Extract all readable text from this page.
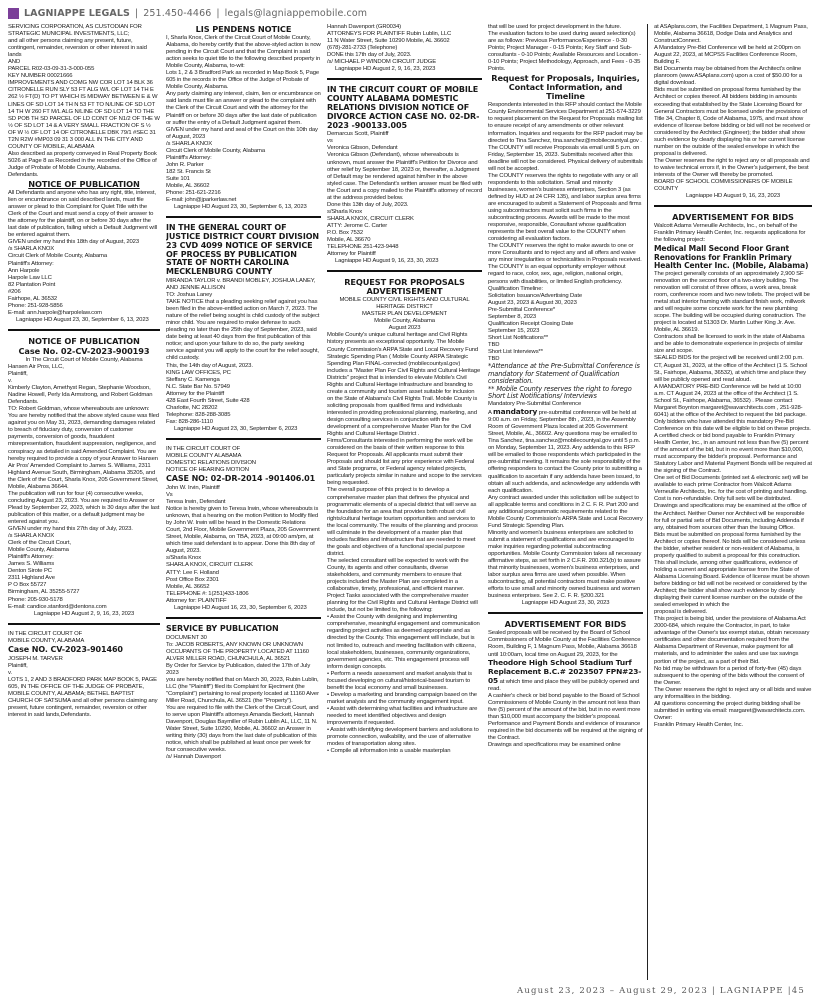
LAGNIAPPE LEGALS | 251.450-4466 | legals@lagniappemobile.com

SERVICING CORPORATION, AS CUSTODIAN FOR STRATEGIC MUNICIPAL INVESTMENTS, LLC;

and all other persons claiming any present, future, contingent, remainder, reversion or other interest in said lands

AND

PARCEL R02-03-09-31-3-000-055

KEY NUMBER 00021666

IMPROVEMENTS AND COMG NW COR LOT 14 BLK 36 CITRONELLE RUN SLY 53 FT ALG W/L OF LOT 14 TH E 262 ½ FT(D) TO PT WHICH IS MIDWAY BETWEEN E & W LINES OF SD LOT 14 TH N 53 FT TO N/LINE OF SD LOT 14 TH W 260 FT M/L ALG N/LINE OF SD LOT 14 TO THE SD POB TH SD PARCEL OF LD CONT OF N1/2 OF THE W ½ OF SD LOT 14 & A VERY SMALL FRACTION OF S ½ OF W ½ OF LOT 14 OF CITRONELLE DBK 79/1 #SEC 31 T2N R2W #MP03 09 31 3 000 ALL IN THE CITY AND COUNTY OF MOBILE, ALABAMA

Also described as property conveyed in Real Property Book 5026 at Page 8 as Recorded in the recorded of the Office of Judge of Probate of Mobile County, Alabama.

Defendants.

NOTICE OF PUBLICATION

All Defendants and anyone who has any right, title, interest, lien or encumbrance on said described lands, must file answer or plead to this Complaint for Quiet Title with the Clerk of the Court and must send a copy of their answer to the attorney for the plaintiff, on or before 30 days after the last date of publication, failing which a Default Judgment will be entered against them.

GIVEN under my hand this 18th day of August, 2023

/s SHARLA KNOX

Circuit Clerk of Mobile County, Alabama

Plaintiff's Attorney:

Ann Harpole

Harpole Law LLC

82 Plantation Point

#206

Fairhope, AL 36532

Phone: 251-928-5856

E-mail: ann.harpole@harpolelaw.com

Lagniappe HD August 23, 30, September 6, 13, 2023

NOTICE OF PUBLICATION

Case No. 02-CV-2023-900193

In The Circuit Court of Mobile County, Alabama

Hansen Air Pros, LLC,

Plaintiff,

v.

Kimberly Clayton, Amethyst Regan, Stephanie Woodson, Nadine Howell, Perly Ida Armstrong, and Robert Goldman

Defendants.

TO: Robert Goldman, whose whereabouts are unknown:

You are hereby notified that the above styled cause was filed against you on May 31, 2023, demanding damages related to breach of fiduciary duty, conversion of customer payments, conversion of goods, fraudulent misrepresentation, fraudulent suppression, negligence, and conspiracy as detailed in said Amended Complaint. You are hereby required to provide a copy of your Answer to Hansen Air Pros' Amended Complaint to James S. Williams, 2311 Highland Avenue South, Birmingham, Alabama 35205, and the Clerk of the Court, Sharla Knox, 205 Government Street, Mobile, Alabama 36644.

The publication will run for four (4) consecutive weeks, concluding August 23, 2023. You are required to Answer or Plead by September 22, 2023, which is 30 days after the last publication of this matter, or a default judgment may be entered against you.

GIVEN under my hand this 27th day of July, 2023.

/s SHARLA KNOX

Clerk of the Circuit Court,

Mobile County, Alabama

Plaintiff's Attorney:

James S. Williams

Denton Sirote PC

2311 Highland Ave

P O Box 55727

Birmingham, AL 35255-5727

Phone: 205-930-5178

E-mail: candice.stanford@dentons.com

Lagniappe HD August 2, 9, 16, 23, 2023

IN THE CIRCUIT COURT OF

MOBILE COUNTY, ALABAMA

Case NO. CV-2023-901460

JOSEPH M. TARVER

Plaintiff,

v.

LOTS 1, 2 AND 3 BRADFORD PARK MAP BOOK 5, PAGE 605, IN THE OFFICE OF THE JUDGE OF PROBATE, MOBILE COUNTY, ALABAMA; BETHEL BAPTIST CHURCH OF SATSUMA and all other persons claiming any present, future contingent, remainder, reversion or other interest in said lands,Defendants.

LIS PENDENS NOTICE

I, Sharla Knox, Clerk of the Circuit Court of Mobile County, Alabama, do hereby certify that the above-styled action is now pending in the Circuit Court and that the Complaint in said action seeks to quiet title to the following described property in Mobile County, Alabama, to-wit:

Lots 1, 2 & 3 Bradford Park as recorded in Map Book 5, Page 605 in the records in the Office of the Judge of Probate of Mobile County, Alabama.

Any party claiming any interest, claim, lien or encumbrance on said lands must file an answer or plead to the complaint with the Clerk of the Circuit Court and with the attorney for the Plaintiff on or before 30 days after the last date of publication or suffer the entry of a Default Judgment against them.

GIVEN under my hand and seal of the Court on this 10th day of August, 2023

/s SHARLA KNOX

Circuit Clerk of Mobile County, Alabama

Plaintiff's Attorney:

John R. Parker

182 St. Francis St

Suite 101

Mobile, AL 36602

Phone: 251-621-2216

E-mail: john@jparkerlaw.net

Lagniappe HD August 23, 30, September 6, 13, 2023

IN THE GENERAL COURT OF JUSTICE DISTRICT COURT DIVISION 23 CVD 4099 NOTICE OF SERVICE OF PROCESS BY PUBLICATION STATE OF NORTH CAROLINA MECKLENBURG COUNTY

MIRANDA TAYLOR v. BRANDI MOBLEY, JOSHUA LANEY, AND JENNIE ALLISON

TO: Joshua Laney

TAKE NOTICE that a pleading seeking relief against you has been filed in the above-entitled action on March 7, 2023. The nature of the relief being sought is child custody of the subject minor child. You are required to make defense to such pleading no later than the 25th day of September, 2023, said date being at least 40 days from the first publication of this notice; and upon your failure to do so, the party seeking service against you will apply to the court for the relief sought, child custody.

This, the 14th day of August, 2023.

KING LAW OFFICES, PC

Steffany C. Kamenga

N.C. State Bar No. 57949

Attorney for the Plaintiff

428 East Fourth Street, Suite 428

Charlotte, NC 28202

Telephone: 828-288-3085

Fax: 828-286-1110

Lagniappe HD August 23, 30, September 6, 2023

IN THE CIRCUIT COURT OF

MOBILE COUNTY ALABAMA

DOMESTIC RELATIONS DIVISION

NOTICE OF HEARING MOTION

CASE NO: 02-DR-2014 -901406.01

John W. Irvin, Plaintiff

Vs

Teresa Irwin, Defendant

Notice is hereby given to Teresa Irwin, whose whereabouts is unknown, that a hearing on the motion Petition to Modify filed by John W. Irwin will be heard in the Domestic Relations Court, 2nd Floor, Mobile Government Plaza, 205 Government Street, Mobile, Alabama, on TBA, 2023, at 09:00 am/pm, at which time said defendant is to appear. Done this 8th day of August, 2023.

s/Sharla Knox

SHARLA KNOX, CIRCUIT CLERK

ATTY: Lee F. Holland

Post Office Box 2301

Mobile, AL 36652

TELEPHONE #: 1(251)433-1806

Attorney for: PLAINTIFF

Lagniappe HD August 16, 23, 30, September 6, 2023

SERVICE BY PUBLICATION

DOCUMENT 30

To: JACOB ROBERTS, ANY KNOWN OR UNKNOWN OCCUPANTS OF THE PROPERTY LOCATED AT 11160 ALVER MILLER ROAD, CHUNCHULA, AL 36521

By Order for Service by Publication, dated the 17th of July 2023

you are hereby notified that on March 30, 2023, Rubin Lublin, LLC (the "Plaintiff") filed its Complaint for Ejectment (the "Complaint") pertaining to real property located at 11160 Alver Miller Road, Chunchula, AL 36521 (the "Property").

You are required to file with the Clerk of the Circuit Court, and to serve upon Plaintiff's attorneys Amanda Beckett, Hannah Davenport, Douglas Baymiller of Rubin Lublin AL, LLC, 11 N. Water Street, Suite 10290, Mobile, AL 36602 an Answer in writing thirty (30) days from the last date of publication of this notice, which shall be published at least once per week for four consecutive weeks.

/s/ Hannah Davenport

Hannah Davenport (GR0034)

ATTORNEYS FOR PLAINTIFF Rubin Lublin, LLC

11 N Water Street, Suite 10290 Mobile, AL 36602

(678)-281-2733 (Telephone)

DONE this 17th day of July, 2023.

/s/ MICHAEL P WINDOM CIRCUIT JUDGE

Lagniappe HD August 2, 9, 16, 23, 2023

IN THE CIRCUIT COURT OF MOBILE COUNTY ALABAMA DOMESTIC RELATIONS DIVISION NOTICE OF DIVORCE ACTION CASE NO. 02-DR-2023 -900133.005

Demarcus Scott, Plaintiff

vs

Veronica Gibson, Defendant

Veronica Gibson (Defendant), whose whereabouts is unknown, must answer the Plaintiff's Petition for Divorce and other relief by September 18, 2023 or, thereafter, a Judgment of Default may be rendered against him/her in the above styled case. The Defendant's written answer must be filed with the Court and a copy mailed to the Plaintiff's attorney of record at the address provided below.

Done this 13th day of July, 2023.

s/Sharla Knox

SHARLA KNOX, CIRCUIT CLERK

ATTY: Jerome C. Carter

P.O. Box 7532

Mobile, AL 36670

TELEPHONE 251-423-9448

Attorney for Plaintiff

Lagniappe HD August 9, 16, 23, 30, 2023

REQUEST FOR PROPOSALS ADVERTISEMENT

MOBILE COUNTY CIVIL RIGHTS AND CULTURAL HERITAGE DISTRICT

MASTER PLAN DEVELOPMENT

Mobile County, Alabama

August 2023

Mobile County's unique cultural heritage and Civil Rights history presents an exceptional opportunity. The Mobile County Commission's ARPA State and Local Recovery Fund Strategic Spending Plan ( Mobile County ARPA Strategic Spending Plan FINAL-corrected (mobilecountyal.gov) includes a "Master Plan For Civil Rights and Cultural Heritage Districts" project that is intended to elevate Mobile's Civil Rights and Cultural Heritage infrastructure and branding to create a community and tourism asset suitable for inclusion on the State of Alabama's Civil Rights Trail. Mobile County is soliciting proposals from qualified firms and individuals interested in providing professional planning, marketing, and design consulting services in conjunction with the development of a comprehensive Master Plan for the Civil Rights and Cultural Heritage District .

Firms/Consultants interested in performing the work will be considered on the basis of their written response to this Request for Proposals. All applicants must submit their Proposals and should list any prior experience with Federal and State programs, or Federal agency related projects, particularly projects similar in nature and scope to the services being requested.

The overall purpose of this project is to develop a comprehensive master plan that defines the physical and programmatic elements of a special district that will serve as the foundation for an area that provides both robust civil rights/cultural heritage tourism opportunities and services to the local community. The results of the planning and process will culminate in the development of a master plan that includes facilities and infrastructure that are needed to meet the goals and objectives of a functional special purpose district.

The selected consultant will be expected to work with the County, its agents and other consultants, diverse stakeholders, and community members to ensure that projects included the Master Plan are completed in a collaborative, timely, professional, and efficient manner. Project Tasks associated with the comprehensive master planning for the Civil Rights and Cultural Heritage District will include, but not be limited to, the following:

• Assist the County with designing and implementing comprehensive, meaningful engagement and communication regarding project activities as deemed appropriate and as directed by the County. This engagement will include, but is not limited to, outreach and meeting facilitation with citizens, local stakeholders, businesses, community organizations, government agencies, etc. This engagement process will inform design concepts.

• Perform a needs assessment and market analysis that is focused developing on cultural/historical-based tourism to benefit the local economy and small businesses.

• Develop a marketing and branding campaign based on the market analysis and the community engagement input.

• Assist with determining what facilities and infrastructure are needed to meet identified objectives and design improvements if requested.

• Assist with identifying development barriers and solutions to promote connection, walkability, and the use of alternative modes of transportation along sites.

• Compile all information into a usable masterplan

that will be used for project development in the future.

The evaluation factors to be used during award selection(s) are as follows: Previous Performance/Experience - 0-30 Points; Project Manager - 0-15 Points; Key Staff and Sub-consultants - 0-10 Points; Available Resources and Location - 0-10 Points; Project Methodology, Approach, and Fees - 0-35 Points.

Request for Proposals, Inquiries, Contact Information, and Timeline

Respondents interested in this RFP should contact the Mobile County Environmental Services Department at 251-574-3229 to request placement on the Request for Proposals mailing list to ensure receipt of any amendments or other relevant information. Inquiries and requests for the RFP packet may be directed to Tina Sanchez, tina.sanchez@mobilecountyal.gov .

The COUNTY will receive Proposals via email until 5 p.m. on Friday, September 15, 2023. Submittals received after this deadline will not be considered. Physical delivery of submittals will not be accepted.

The COUNTY reserves the rights to negotiate with any or all respondents to this solicitation. Small and minority businesses, women's business enterprises, Section 3 (as defined by HUD at 24 CFR 135), and labor surplus area firms are encouraged to submit a Statement of Proposals and firms using subcontractors must solicit such firms in the subcontracting process. Awards will be made to the most responsive, responsible, Consultant whose qualification represents the best overall value to the COUNTY when considering all evaluation factors.

The COUNTY reserves the right to make awards to one or more Consultants and to reject any and all offers and waive any minor irregularities or technicalities in Proposals received.

The COUNTY is an equal opportunity employer without regard to race, color, sex, age, religion, national origin, persons with disabilities, or limited English proficiency.

Qualification Timeline:

Solicitation Issuance/Advertising Date

August 23, 2023 & August 30, 2023

Pre-Submittal Conference*

September 8, 2023

Qualification Receipt Closing Date

September 15, 2023

Short List Notifications**

TBD

Short List Interviews**

TBD

*Attendance at the Pre-Submittal Conference is mandatory for Statement of Qualification consideration.

** Mobile County reserves the right to forego Short List Notifications/ Interviews

Mandatory Pre-Submittal Conference

A mandatory pre-submittal conference will be held at 9:00 a.m. on Friday, September 8th , 2023, in the Assembly Room of Government Plaza located at 205 Government Street, Mobile, AL, 36602. Any questions may be emailed to Tina Sanchez, tina.sanchez@mobilecountyal.gov until 5 p.m. on Monday, September 11, 2023. Any addenda to this RFP will be emailed to those respondents which participated in the pre-submittal meeting. It remains the sole responsibility of the offering responders to contact the County prior to submitting a qualification to ascertain if any addenda have been issued, to obtain all such addenda, and acknowledge any addenda with each qualification.

Any contract awarded under this solicitation will be subject to all applicable terms and conditions in 2 C. F. R. Part 200 and any additional programmatic requirements related to the Mobile County Commission's ARPA State and Local Recovery Fund Strategic Spending Plan.

Minority and women's business enterprises are solicited to submit a statement of qualifications and are encouraged to make inquiries regarding potential subcontracting opportunities. Mobile County Commission takes all necessary affirmative steps, as set forth in 2 C.F.R. 200.321(b) to assure that minority businesses, women's business enterprises, and labor surplus area firms are used when possible. When subcontracting, all potential contractors must make positive efforts to use small and minority owned business and women business enterprises. See 2. C. F. R. §200.321

Lagniappe HD August 23, 30, 2023

ADVERTISEMENT FOR BIDS

Sealed proposals will be received by the Board of School Commissioners of Mobile County at the Facilities Conference Room, Building F, 1 Magnum Pass, Mobile, Alabama 36618 until 10:00am, local time on August 29, 2023, for the Theodore High School Stadium Turf Replacement B.C.# 2023507 FPN#23-05 at which time and place they will be publicly opened and read.

A cashier's check or bid bond payable to the Board of School Commissioners of Mobile County in the amount not less than five (5) percent of the amount of the bid, but in no event more than $10,000 must accompany the bidder's proposal. Performance and Payment Bonds and evidence of insurance required in the bid documents will be required at the signing of the Contract.

Drawings and specifications may be examined online

at ASAplans.com, the Facilities Department, 1 Magnum Pass, Mobile, Alabama 36618, Dodge Data and Analytics and ConstructConnect.

A Mandatory Pre-Bid Conference will be held at 2:00pm on August 22, 2023, at MCPSS Facilities Conference Room, Building F.

Bid Documents may be obtained from the Architect's online planroom (www.ASAplans.com) upon a cost of $50.00 for a digital download.

Bids must be submitted on proposal forms furnished by the Architect or copies thereof. All bidders bidding in amounts exceeding that established by the State Licensing Board for General Contractors must be licensed under the provisions of Title 34, Chapter 8, Code of Alabama, 1975, and must show evidence of license before bidding or bid will not be received or considered by the Architect (Engineer); the bidder shall show such evidence by clearly displaying his or her current license number on the outside of the sealed envelope in which the proposal is delivered.

The Owner reserves the right to reject any or all proposals and to waive technical errors if, in the Owner's judgement, the best interests of the Owner will thereby be promoted.

BOARD OF SCHOOL COMMISSIONERS OF MOBILE COUNTY

Lagniappe HD August 9, 16, 23, 2023

ADVERTISEMENT FOR BIDS

Walcott Adams Verneuille Architects, Inc., on behalf of the Franklin Primary Health Center, Inc. requests applications for the following project:

Medical Mall Second Floor Grant Renovations for Franklin Primary Health Center Inc. (Mobile, Alabama)

The project generally consists of an approximately 2,900 SF renovation on the second floor of a two-story building. The renovation will consist of three offices, a work area, break room, conference room and two new toilets. The project will be metal stud interior framing with standard finish work, millwork and will require some concrete work for the new plumbing scope. The building will be occupied during construction. The project is located at 51303 Dr. Martin Luther King Jr. Ave. Mobile, AL 36619.

Contractors shall be licensed to work in the state of Alabama and be able to demonstrate experience in projects of similar size and scope.

SEALED BIDS for the project will be received until 2:00 p.m. CT, August 31, 2023, at the office of the Architect (1 S. School St., Fairhope, Alabama, 36532), at which time and place they will be publicly opened and read aloud.

A MANDATORY PRE-BID Conference will be held at 10:00 a.m. CT August 24, 2023 at the office of the Architect (1 S. School St., Fairhope, Alabama, 36532) . Please contact Margaret Boynton margaret@wavarchitects.com , 251-928-6041) at the office of the Architect to request the bid package. Only bidders who have attended this mandatory Pre-Bid Conference on this date will be eligible to bid on these projects.

A certified check or bid bond payable to Franklin Primary Health Center, Inc., in an amount not less than five (5) percent of the amount of the bid, but in no event more than $10,000, must accompany the bidder's proposal. Performance and Statutory Labor and Material Payment Bonds will be required at the signing of the Contract.

One set of Bid Documents (printed set & electronic set) will be available to each prime Contractor from Walcott Adams Verneuille Architects, Inc. for the cost of printing and handling. Cost is non-refundable. Only full sets will be distributed. Drawings and specifications may be examined at the office of the Architect. Neither Owner nor Architect will be responsible for full or partial sets of Bid Documents, including Addenda if any, obtained from sources other than the Issuing Office.

Bids must be submitted on proposal forms furnished by the Architect or copies thereof. No bids will be considered unless the bidder, whether resident or non-resident of Alabama, is properly qualified to submit a proposal for this construction. This shall include, among other qualifications, evidence of holding a current and appropriate license from the State of Alabama Licensing Board. Evidence of license must be shown before bidding or bid will not be received or considered by the Architect; the bidder shall show such evidence by clearly displaying their current license number on the outside of the sealed enveloped in which the

proposal is delivered.

This project is being bid, under the provisions of Alabama Act 2000-684, which require the Contractor, in part, to take advantage of the Owner's tax exempt status, obtain necessary certificates and other documentation required from the Alabama Department of Revenue, make payment for all materials, and to administer the sales and use tax savings portion of the project, as a part of their Bid.

No bid may be withdrawn for a period of forty-five (45) days subsequent to the opening of the bids without the consent of the Owner.

The Owner reserves the right to reject any or all bids and waive any informalities in the bidding.

All questions concerning the project during bidding shall be submitted in writing via email: margaret@wavarchitects.com.

Owner:

Franklin Primary Health Center, Inc.

August 23, 2023 – August 29, 2023 | LAGNIAPPE |45
